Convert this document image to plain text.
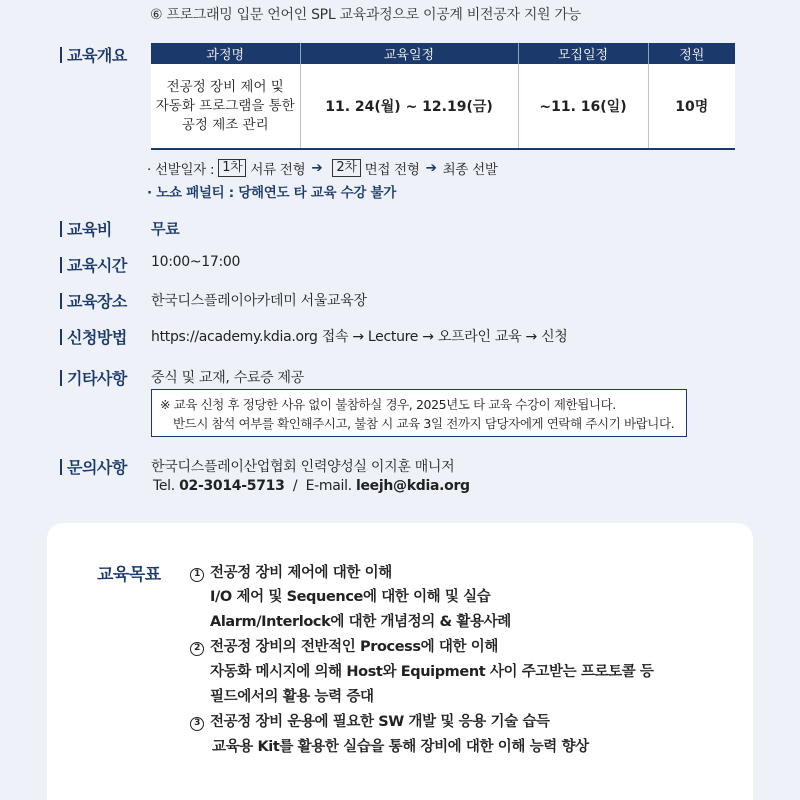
⑥ 프로그래밍 입문 언어인 SPL 교육과정으로 이공계 비전공자 지원 가능
교육개요	과정명	교육일정	모집일정	정원

전공정 장비 제어 및
자동화 프로그램을 통한
공정 제조 관리	11. 24(월) ~ 12.19(금)	~11. 16(일)	10명
· 선발일자 : 1차 서류 전형 ➔	2차 면접 전형 ➔ 최종 선발
· 노쇼 패널티 : 당해연도 타 교육 수강 불가
교육비	무료
교육시간 10:00~17:00
교육장소 한국디스플레이아카데미 서울교육장
신청방법 https://academy.kdia.org 접속 → Lecture → 오프라인 교육 → 신청
기타사항 중식 및 교재, 수료증 제공
※ 교육 신청 후 정당한 사유 없이 불참하실 경우, 2025년도 타 교육 수강이 제한됩니다.
반드시 참석 여부를 확인해주시고, 불참 시 교육 3일 전까지 담당자에게 연락해 주시기 바랍니다.
문의사항 한국디스플레이산업협회 인력양성실 이지훈 매니저
Tel. 02-3014-5713 / E-mail. leejh@kdia.org
교육목표	1 전공정 장비 제어에 대한 이해
I/O 제어 및 Sequence에 대한 이해 및 실습
Alarm/Interlock에 대한 개념정의 & 활용사례
2 전공정 장비의 전반적인 Process에 대한 이해
자동화 메시지에 의해 Host와 Equipment 사이 주고받는 프로토콜 등
필드에서의 활용 능력 증대
3 전공정 장비 운용에 필요한 SW 개발 및 응용 기술 습득
교육용 Kit를 활용한 실습을 통해 장비에 대한 이해 능력 향상
